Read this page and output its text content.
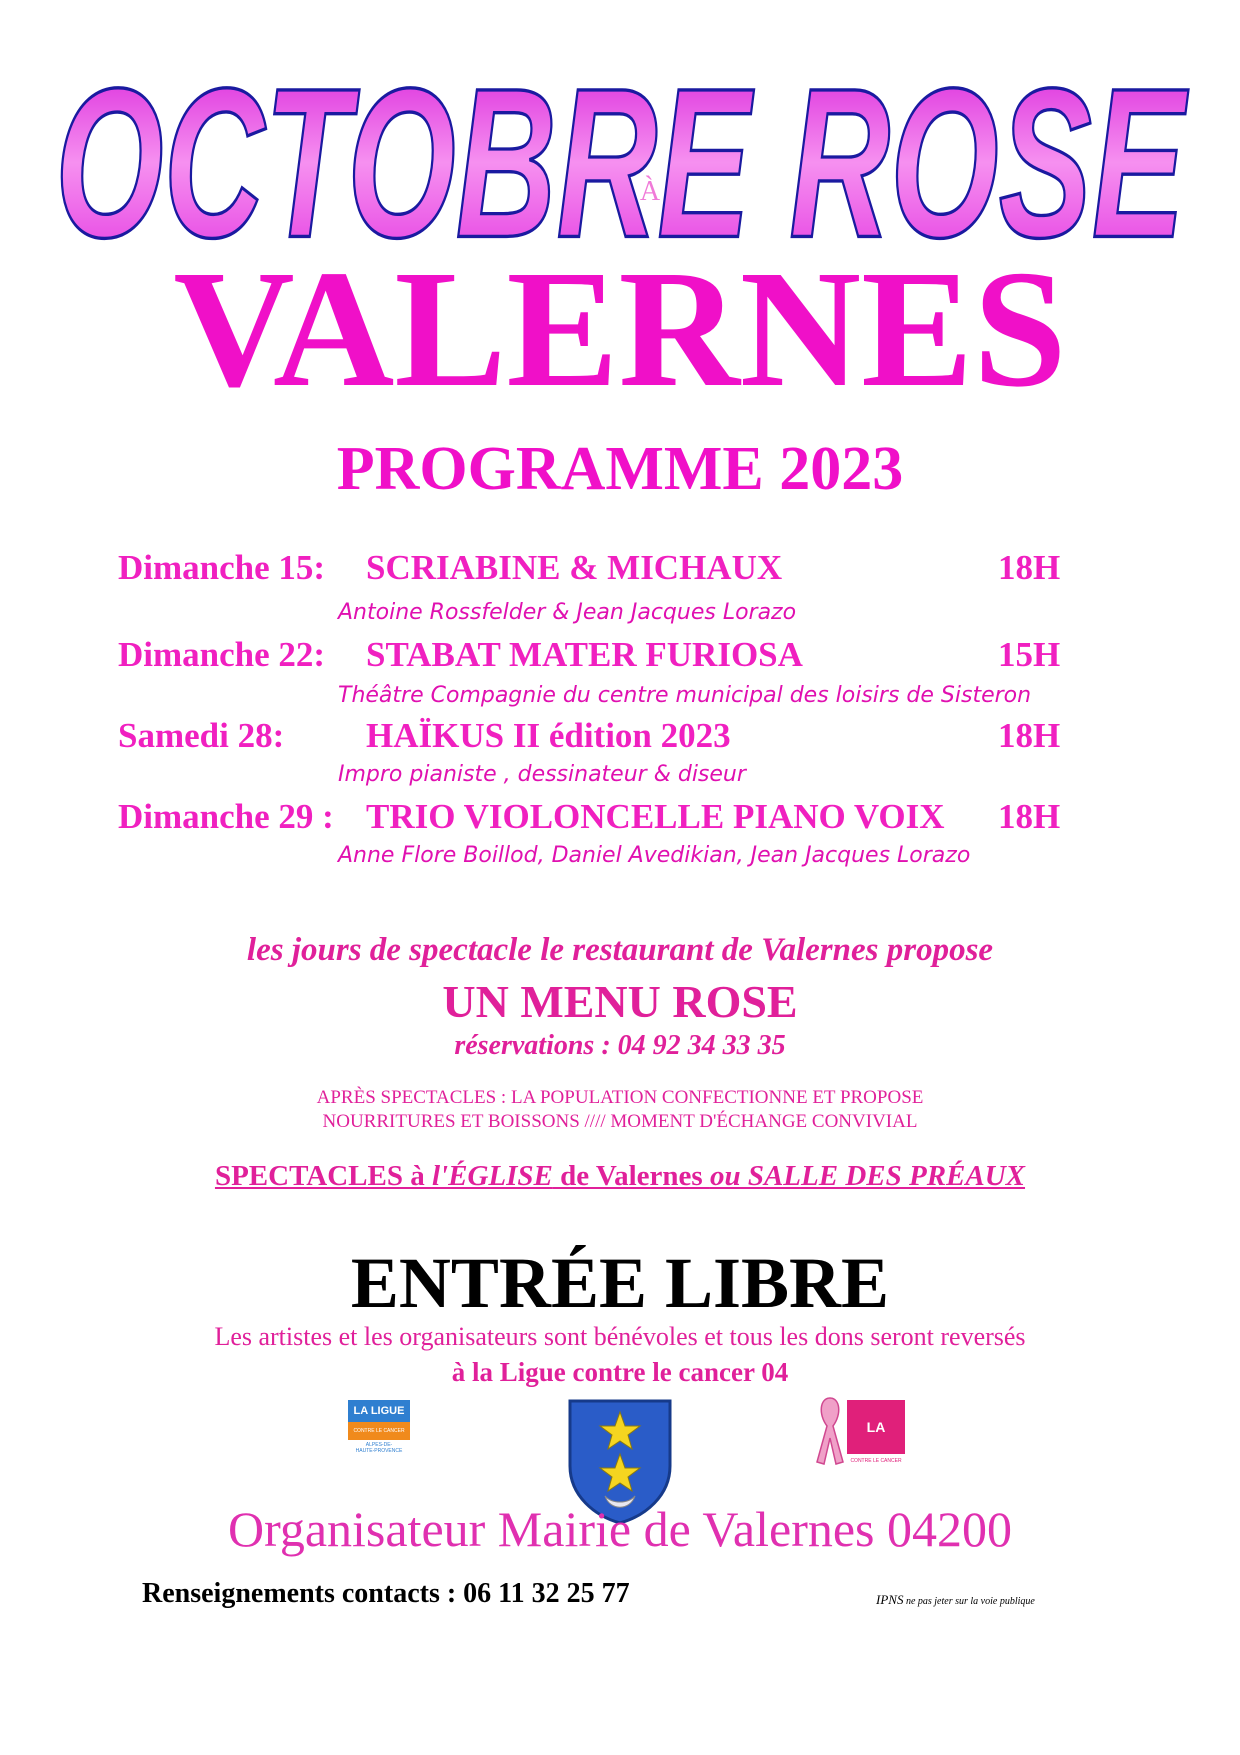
OCTOBRE ROSE
À
VALERNES
PROGRAMME 2023
Dimanche 15: SCRIABINE & MICHAUX	18H
Antoine Rossfelder & Jean Jacques Lorazo
Dimanche 22: STABAT MATER FURIOSA	15H
Théâtre Compagnie du centre municipal des loisirs de Sisteron
Samedi 28: HAÏKUS II édition 2023	18H
Impro pianiste , dessinateur & diseur
Dimanche 29 : TRIO VIOLONCELLE PIANO VOIX 18H
Anne Flore Boillod, Daniel Avedikian, Jean Jacques Lorazo
les jours de spectacle le restaurant de Valernes propose
UN MENU ROSE
réservations : 04 92 34 33 35
APRÈS SPECTACLES : LA POPULATION CONFECTIONNE ET PROPOSE
NOURRITURES ET BOISSONS //// MOMENT D'ÉCHANGE CONVIVIAL
SPECTACLES à l'ÉGLISE de Valernes ou SALLE DES PRÉAUX
ENTRÉE LIBRE
Les artistes et les organisateurs sont bénévoles et tous les dons seront reversés
à la Ligue contre le cancer 04
LA LIGUE
CONTRE LE CANCER
ALPES-DE-
HAUTE-PROVENCE
LA LIGUE
CONTRE LE CANCER
Organisateur Mairie de Valernes 04200
Renseignements contacts : 06 11 32 25 77	IPNS ne pas jeter sur la voie publique
